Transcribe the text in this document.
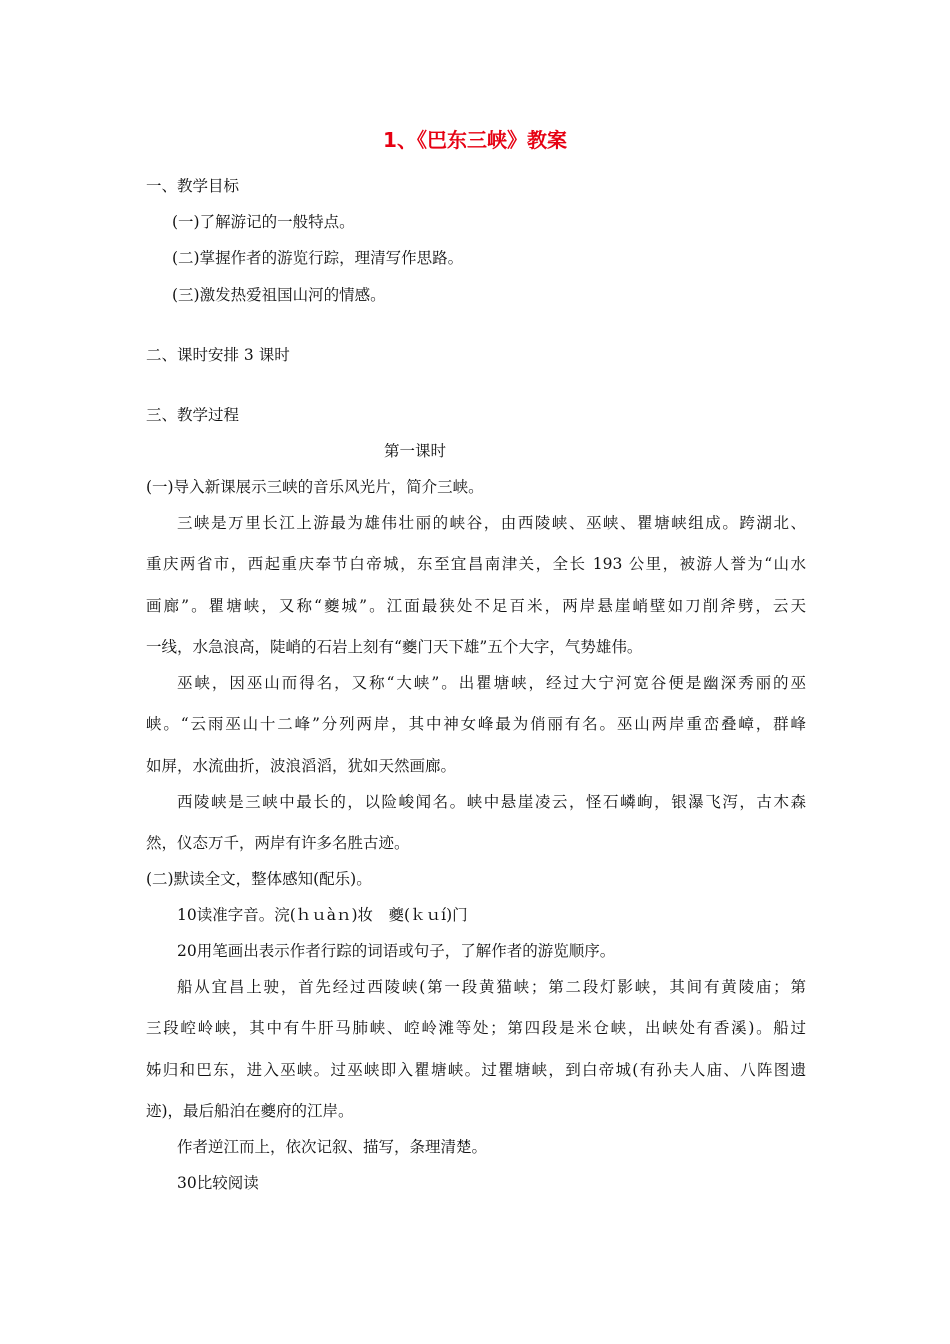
1、《巴东三峡》教案
一、教学目标
(一)了解游记的一般特点。
(二)掌握作者的游览行踪，理清写作思路。
(三)激发热爱祖国山河的情感。
二、课时安排 3 课时
三、教学过程
第一课时
(一)导入新课展示三峡的音乐风光片，简介三峡。
三峡是万里长江上游最为雄伟壮丽的峡谷，由西陵峡、巫峡、瞿塘峡组成。跨湖北、
重庆两省市，西起重庆奉节白帝城，东至宜昌南津关，全长 193 公里，被游人誉为“山水
画廊”。瞿塘峡，又称“夔城”。江面最狭处不足百米，两岸悬崖峭壁如刀削斧劈，云天
一线，水急浪高，陡峭的石岩上刻有“夔门天下雄”五个大字，气势雄伟。
巫峡，因巫山而得名，又称“大峡”。出瞿塘峡，经过大宁河宽谷便是幽深秀丽的巫
峡。“云雨巫山十二峰”分列两岸，其中神女峰最为俏丽有名。巫山两岸重峦叠嶂，群峰
如屏，水流曲折，波浪滔滔，犹如天然画廊。
西陵峡是三峡中最长的，以险峻闻名。峡中悬崖凌云，怪石嶙峋，银瀑飞泻，古木森
然，仪态万千，两岸有许多名胜古迹。
(二)默读全文，整体感知(配乐)。
10读准字音。浣(ｈｕàｎ)妆　夔(ｋｕí)门
20用笔画出表示作者行踪的词语或句子，了解作者的游览顺序。
船从宜昌上驶，首先经过西陵峡(第一段黄猫峡；第二段灯影峡，其间有黄陵庙；第
三段崆岭峡，其中有牛肝马肺峡、崆岭滩等处；第四段是米仓峡，出峡处有香溪)。船过
姊归和巴东，进入巫峡。过巫峡即入瞿塘峡。过瞿塘峡，到白帝城(有孙夫人庙、八阵图遗
迹)，最后船泊在夔府的江岸。
作者逆江而上，依次记叙、描写，条理清楚。
30比较阅读
